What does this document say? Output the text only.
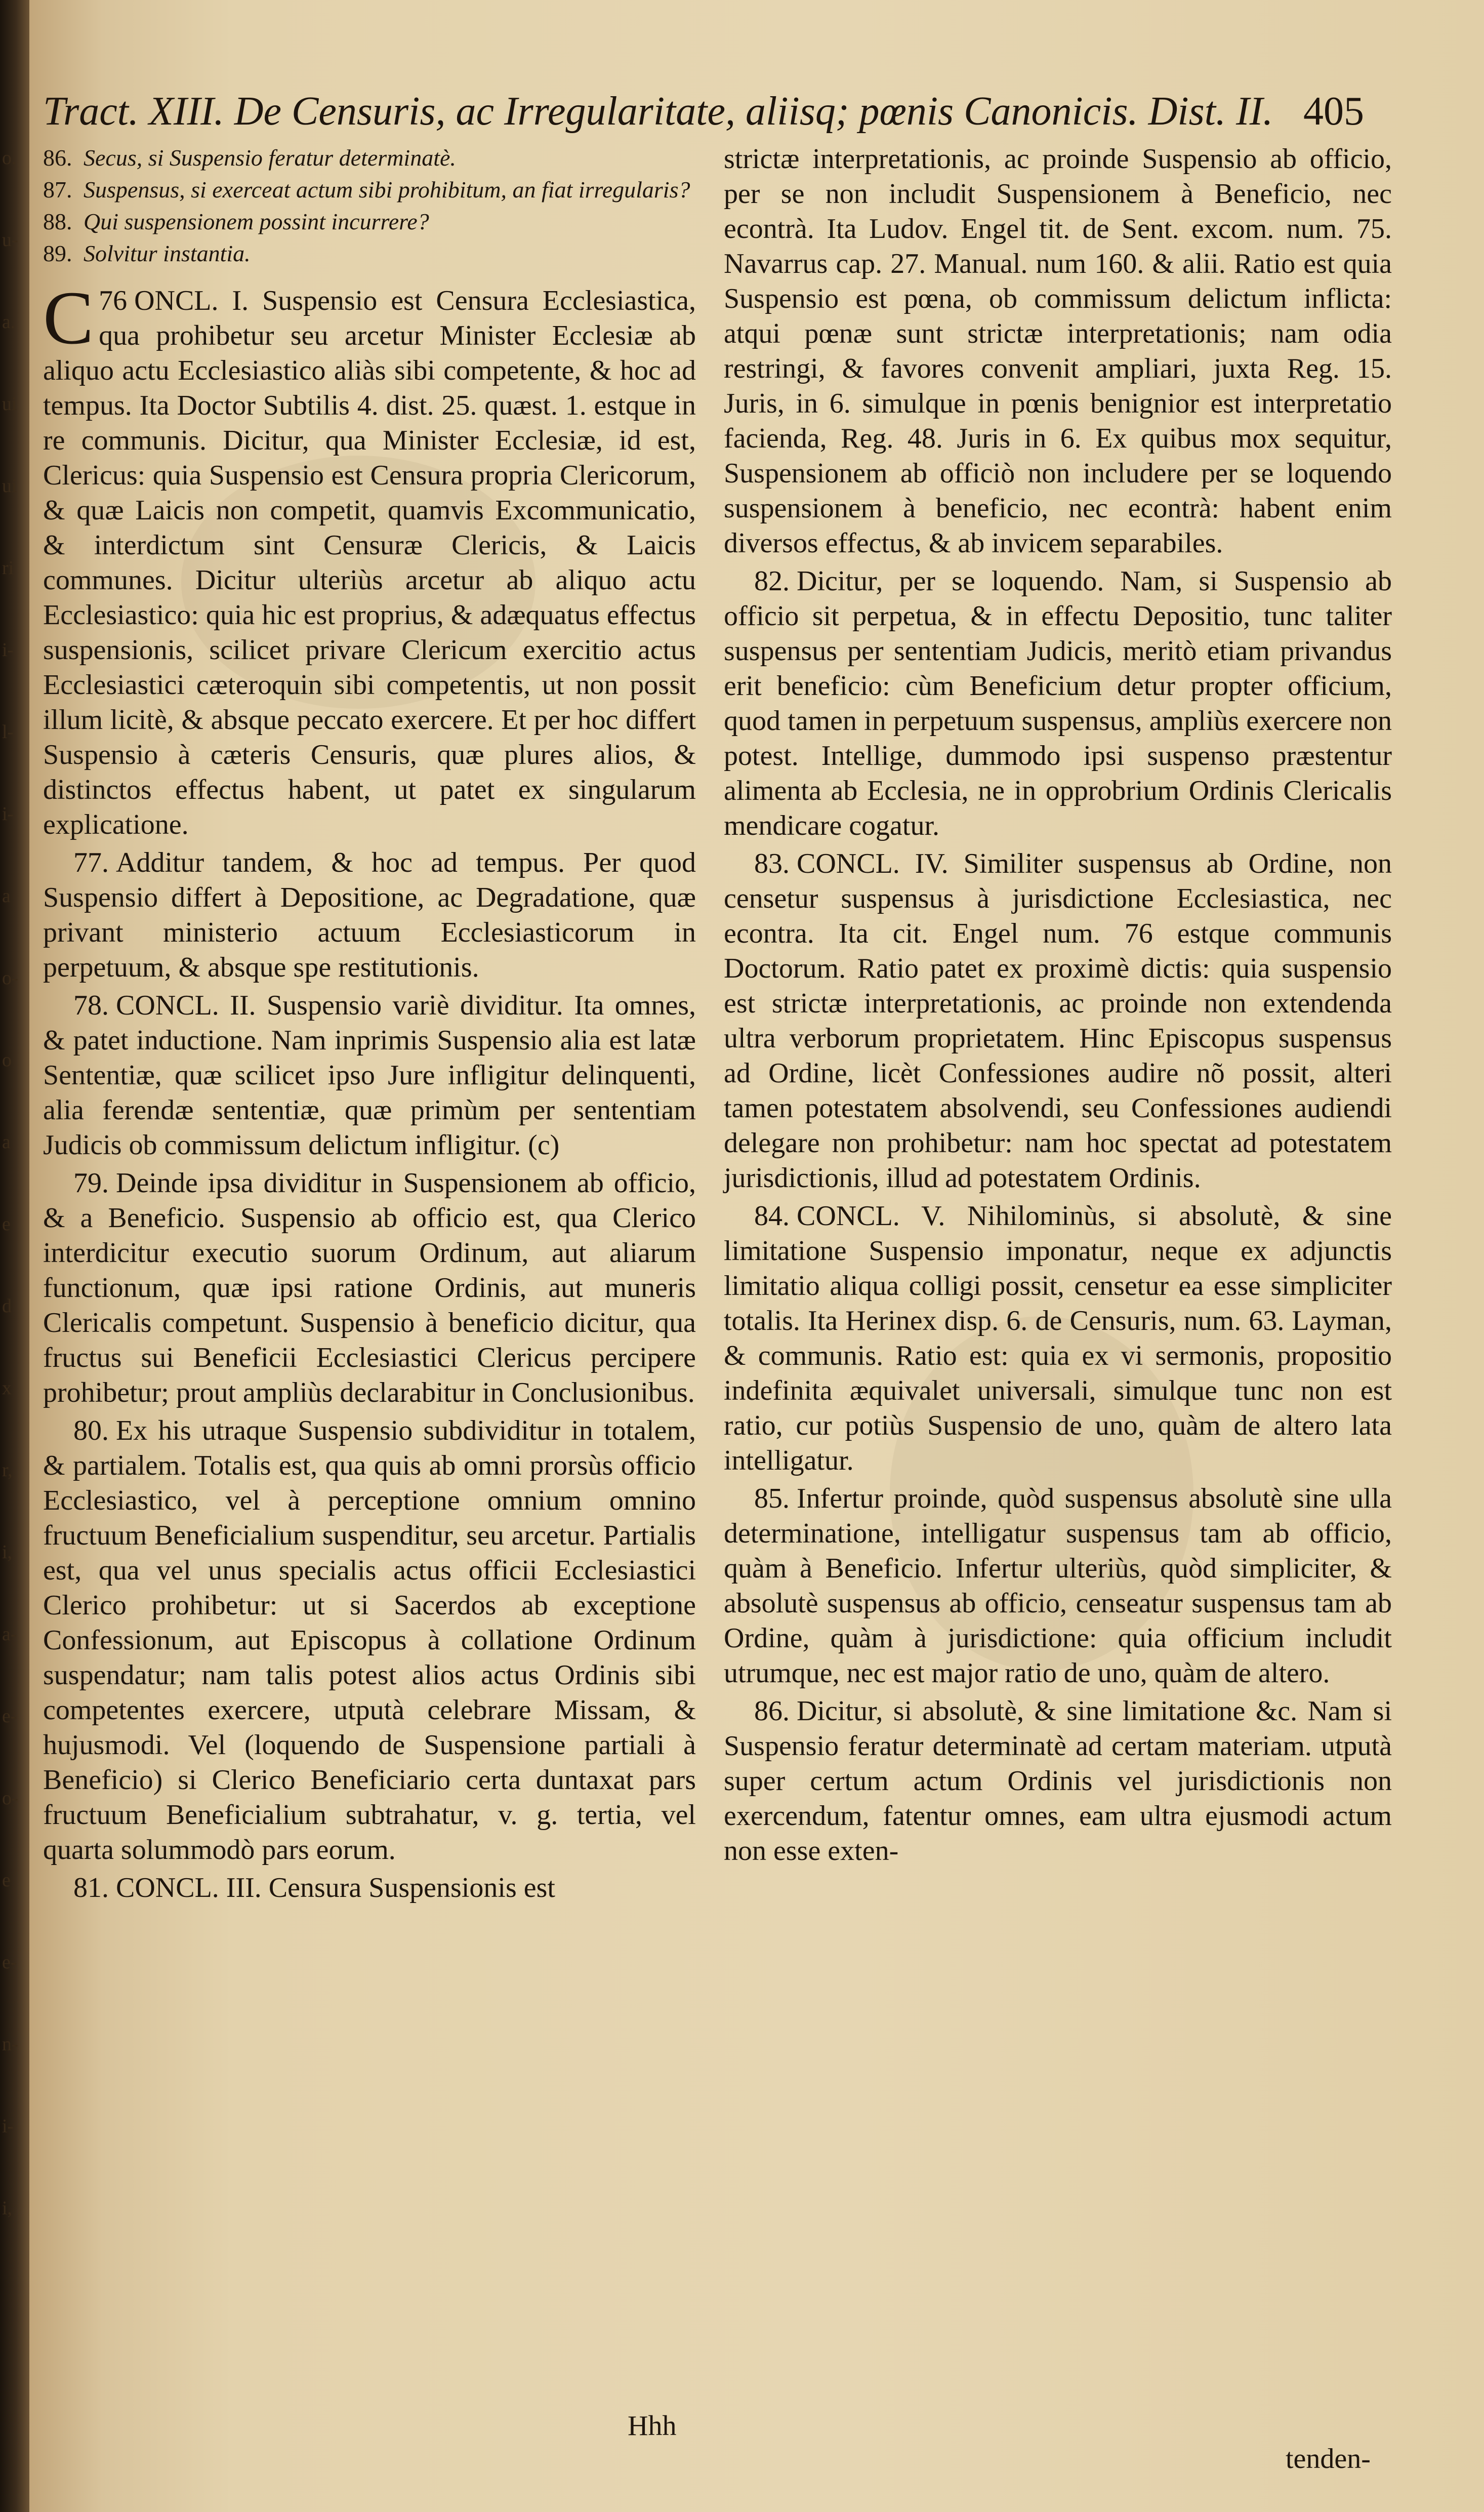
o.
u-
a.
ui
ui
ri
i-
l-
i-
a
o-
o
a
e
d
x
r,
i,
a-
e-
o-
e
e-
n-
i-
i,
Tract. XIII. De Censuris, ac Irregularitate, aliisq; pœnis Canonicis. Dist. II. 405
86. Secus, si Suspensio feratur determinatè.
87. Suspensus, si exerceat actum sibi prohibitum, an fiat irregularis?
88. Qui suspensionem possint incurrere?
89. Solvitur instantia.

76
C ONCL. I. Suspensio est Censura Ecclesiastica, qua prohibetur seu arcetur Minister Ecclesiæ ab aliquo actu Ecclesiastico aliàs sibi competente, & hoc ad tempus. Ita Doctor Subtilis 4. dist. 25. quæst. 1. estque in re communis. Dicitur, qua Minister Ecclesiæ, id est, Clericus: quia Suspensio est Censura propria Clericorum, & quæ Laicis non competit, quamvis Excommunicatio, & interdictum sint Censuræ Clericis, & Laicis communes. Dicitur ulteriùs arcetur ab aliquo actu Ecclesiastico: quia hic est proprius, & adæquatus effectus suspensionis, scilicet privare Clericum exercitio actus Ecclesiastici cæteroquin sibi competentis, ut non possit illum licitè, & absque peccato exercere. Et per hoc differt Suspensio à cæteris Censuris, quæ plures alios, & distinctos effectus habent, ut patet ex singularum explicatione.

77. Additur tandem, & hoc ad tempus. Per quod Suspensio differt à Depositione, ac Degradatione, quæ privant ministerio actuum Ecclesiasticorum in perpetuum, & absque spe restitutionis.

78. CONCL. II. Suspensio variè dividitur. Ita omnes, & patet inductione. Nam inprimis Suspensio alia est latæ Sententiæ, quæ scilicet ipso Jure infligitur delinquenti, alia ferendæ sententiæ, quæ primùm per sententiam Judicis ob commissum delictum infligitur. (c)

79. Deinde ipsa dividitur in Suspensionem ab officio, & a Beneficio. Suspensio ab officio est, qua Clerico interdicitur executio suorum Ordinum, aut aliarum functionum, quæ ipsi ratione Ordinis, aut muneris Clericalis competunt. Suspensio à beneficio dicitur, qua fructus sui Beneficii Ecclesiastici Clericus percipere prohibetur; prout ampliùs declarabitur in Conclusionibus.

80. Ex his utraque Suspensio subdividitur in totalem, & partialem. Totalis est, qua quis ab omni prorsùs officio Ecclesiastico, vel à perceptione omnium omnino fructuum Beneficialium suspenditur, seu arcetur. Partialis est, qua vel unus specialis actus officii Ecclesiastici Clerico prohibetur: ut si Sacerdos ab exceptione Confessionum, aut Episcopus à collatione Ordinum suspendatur; nam talis potest alios actus Ordinis sibi competentes exercere, utputà celebrare Missam, & hujusmodi. Vel (loquendo de Suspensione partiali à Beneficio) si Clerico Beneficiario certa duntaxat pars fructuum Beneficialium subtrahatur, v. g. tertia, vel quarta solummodò pars eorum.

81. CONCL. III. Censura Suspensionis est

strictæ interpretationis, ac proinde Suspensio ab officio, per se non includit Suspensionem à Beneficio, nec econtrà. Ita Ludov. Engel tit. de Sent. excom. num. 75. Navarrus cap. 27. Manual. num 160. & alii. Ratio est quia Suspensio est pœna, ob commissum delictum inflicta: atqui pœnæ sunt strictæ interpretationis; nam odia restringi, & favores convenit ampliari, juxta Reg. 15. Juris, in 6. simulque in pœnis benignior est interpretatio facienda, Reg. 48. Juris in 6. Ex quibus mox sequitur, Suspensionem ab officiò non includere per se loquendo suspensionem à beneficio, nec econtrà: habent enim diversos effectus, & ab invicem separabiles.

82. Dicitur, per se loquendo. Nam, si Suspensio ab officio sit perpetua, & in effectu Depositio, tunc taliter suspensus per sententiam Judicis, meritò etiam privandus erit beneficio: cùm Beneficium detur propter officium, quod tamen in perpetuum suspensus, ampliùs exercere non potest. Intellige, dummodo ipsi suspenso præstentur alimenta ab Ecclesia, ne in opprobrium Ordinis Clericalis mendicare cogatur.

83. CONCL. IV. Similiter suspensus ab Ordine, non censetur suspensus à jurisdictione Ecclesiastica, nec econtra. Ita cit. Engel num. 76 estque communis Doctorum. Ratio patet ex proximè dictis: quia suspensio est strictæ interpretationis, ac proinde non extendenda ultra verborum proprietatem. Hinc Episcopus suspensus ad Ordine, licèt Confessiones audire nõ possit, alteri tamen potestatem absolvendi, seu Confessiones audiendi delegare non prohibetur: nam hoc spectat ad potestatem jurisdictionis, illud ad potestatem Ordinis.

84. CONCL. V. Nihilominùs, si absolutè, & sine limitatione Suspensio imponatur, neque ex adjunctis limitatio aliqua colligi possit, censetur ea esse simpliciter totalis. Ita Herinex disp. 6. de Censuris, num. 63. Layman, & communis. Ratio est: quia ex vi sermonis, propositio indefinita æquivalet universali, simulque tunc non est ratio, cur potiùs Suspensio de uno, quàm de altero lata intelligatur.

85. Infertur proinde, quòd suspensus absolutè sine ulla determinatione, intelligatur suspensus tam ab officio, quàm à Beneficio. Infertur ulteriùs, quòd simpliciter, & absolutè suspensus ab officio, censeatur suspensus tam ab Ordine, quàm à jurisdictione: quia officium includit utrumque, nec est major ratio de uno, quàm de altero.

86. Dicitur, si absolutè, & sine limitatione &c. Nam si Suspensio feratur determinatè ad certam materiam. utputà super certum actum Ordinis vel jurisdictionis non exercendum, fatentur omnes, eam ultra ejusmodi actum non esse exten-

Hhh
tenden-
